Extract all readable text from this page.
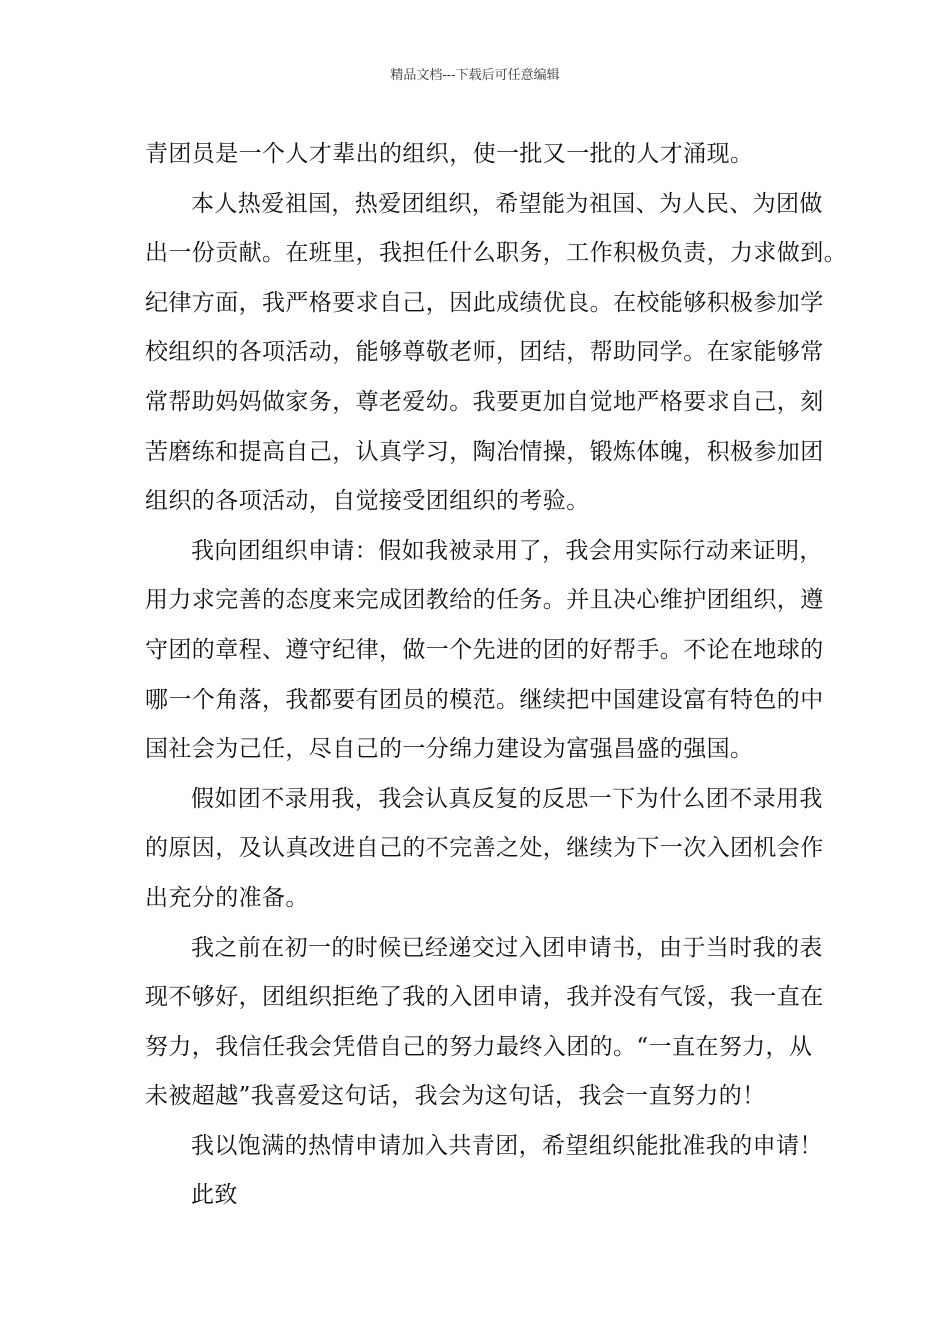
精品文档---下载后可任意编辑
青团员是一个人才辈出的组织，使一批又一批的人才涌现。
本人热爱祖国，热爱团组织，希望能为祖国、为人民、为团做
出一份贡献。在班里，我担任什么职务，工作积极负责，力求做到。
纪律方面，我严格要求自己，因此成绩优良。在校能够积极参加学
校组织的各项活动，能够尊敬老师，团结，帮助同学。在家能够常
常帮助妈妈做家务，尊老爱幼。我要更加自觉地严格要求自己，刻
苦磨练和提高自己，认真学习，陶冶情操，锻炼体魄，积极参加团
组织的各项活动，自觉接受团组织的考验。
我向团组织申请：假如我被录用了，我会用实际行动来证明，
用力求完善的态度来完成团教给的任务。并且决心维护团组织，遵
守团的章程、遵守纪律，做一个先进的团的好帮手。不论在地球的
哪一个角落，我都要有团员的模范。继续把中国建设富有特色的中
国社会为己任，尽自己的一分绵力建设为富强昌盛的强国。
假如团不录用我，我会认真反复的反思一下为什么团不录用我
的原因，及认真改进自己的不完善之处，继续为下一次入团机会作
出充分的准备。
我之前在初一的时候已经递交过入团申请书，由于当时我的表
现不够好，团组织拒绝了我的入团申请，我并没有气馁，我一直在
努力，我信任我会凭借自己的努力最终入团的。“一直在努力，从
未被超越”我喜爱这句话，我会为这句话，我会一直努力的！
我以饱满的热情申请加入共青团，希望组织能批准我的申请！
此致
